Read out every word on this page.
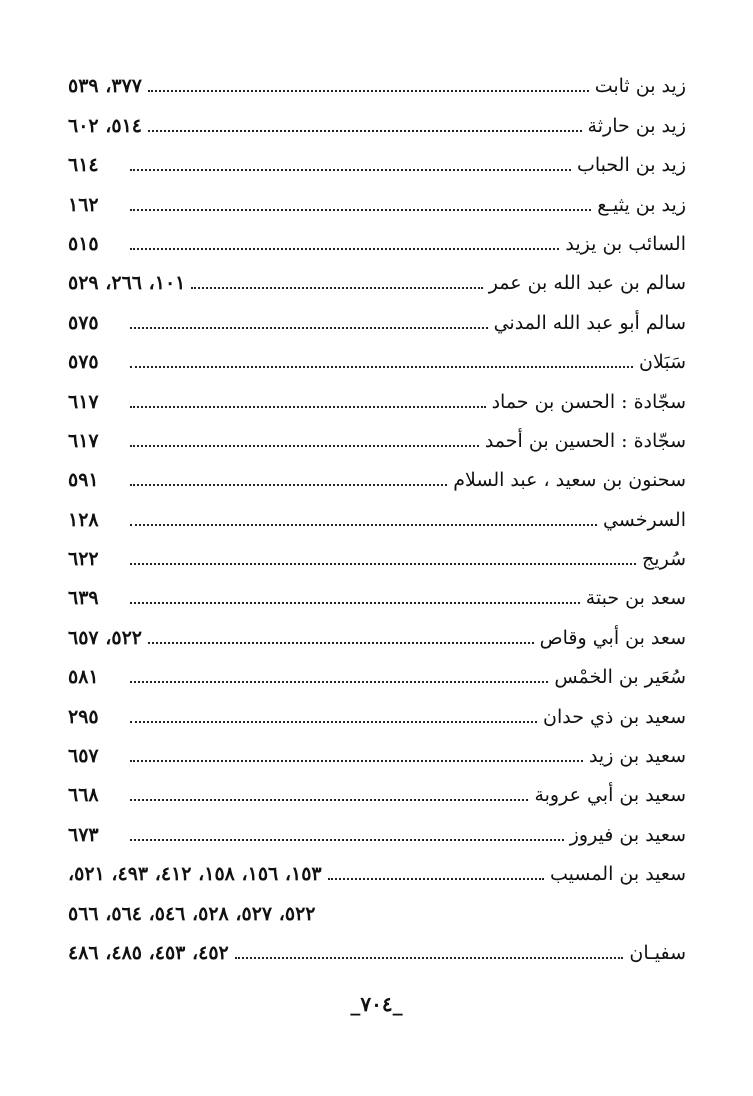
زيد بن ثابت
٣٧٧، ٥٣٩
زيد بن حارثة
٥١٤، ٦٠٢
زيد بن الحباب
٦١٤
زيد بن يثيـع
١٦٢
السائب بن يزيد
٥١٥
سالم بن عبد الله بن عمر
١٠١، ٢٦٦، ٥٢٩
سالم أبو عبد الله المدني
٥٧٥
سَبَلان
٥٧٥
سجّادة : الحسن بن حماد
٦١٧
سجّادة : الحسين بن أحمد
٦١٧
سحنون بن سعيد ، عبد السلام
٥٩١
السرخسي
١٢٨
سُريج
٦٢٢
سعد بن حبتة
٦٣٩
سعد بن أبي وقاص
٥٢٢، ٦٥٧
سُعَير بن الخمْس
٥٨١
سعيد بن ذي حدان
٢٩٥
سعيد بن زيد
٦٥٧
سعيد بن أبي عروبة
٦٦٨
سعيد بن فيروز
٦٧٣
سعيد بن المسيب
١٥٣، ١٥٦، ١٥٨، ٤١٢، ٤٩٣، ٥٢١،
٥٢٢، ٥٢٧، ٥٢٨، ٥٤٦، ٥٦٤، ٥٦٦
سفيـان
٤٥٢، ٤٥٣، ٤٨٥، ٤٨٦
_٧٠٤_
